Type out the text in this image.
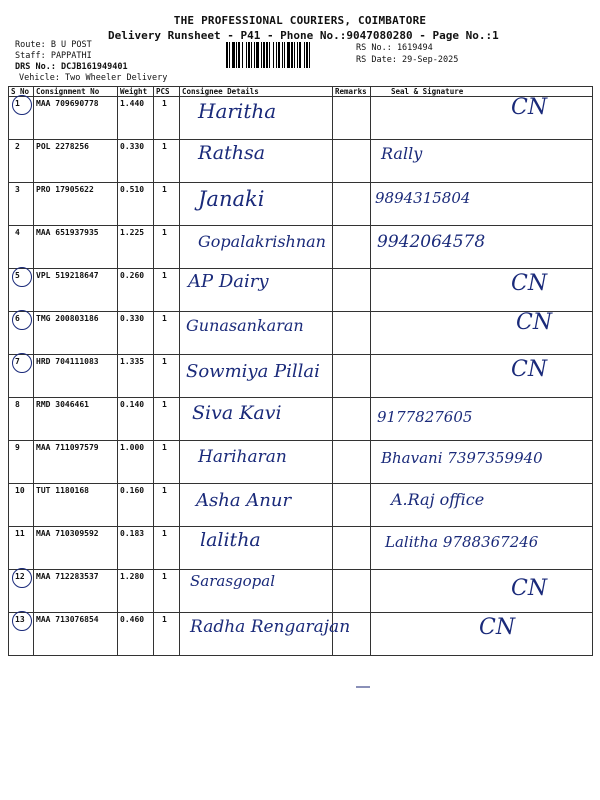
THE PROFESSIONAL COURIERS, COIMBATORE
Delivery Runsheet - P41 - Phone No.:9047080280 - Page No.:1
Route: B U POST
Staff: PAPPATHI
DRS No.: DCJB161949401
Vehicle: Two Wheeler Delivery
RS No.: 1619494
RS Date: 29-Sep-2025
S No	Consignment No	Weight	PCS	Consignee Details	Remarks	Seal & Signature
1	MAA 709690778	1.440	1	Haritha		CN

2	POL 2278256	0.330	1	Rathsa		Rally

3	PRO 17905622	0.510	1	Janaki		9894315804

4	MAA 651937935	1.225	1	Gopalakrishnan		9942064578

5	VPL 519218647	0.260	1	AP Dairy		CN

6	TMG 200803186	0.330	1	Gunasankaran		CN

7	HRD 704111083	1.335	1	Sowmiya Pillai		CN

8	RMD 3046461	0.140	1	Siva Kavi		9177827605

9	MAA 711097579	1.000	1	Hariharan		Bhavani 7397359940

10	TUT 1180168	0.160	1	Asha Anur		A.Raj office

11	MAA 710309592	0.183	1	lalitha		Lalitha 9788367246

12	MAA 712283537	1.280	1	Sarasgopal		CN

13	MAA 713076854	0.460	1	Radha Rengarajan		CN
